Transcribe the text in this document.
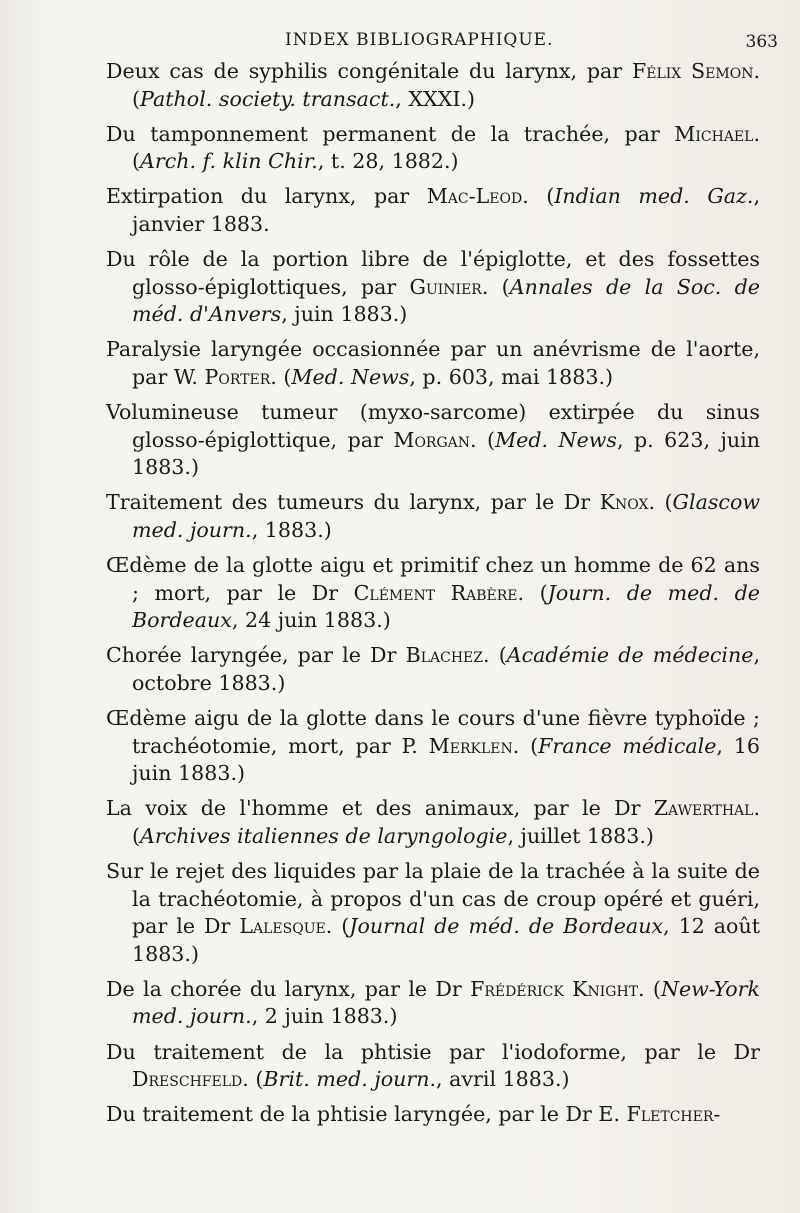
INDEX BIBLIOGRAPHIQUE.	363

Deux cas de syphilis congénitale du larynx, par Félix Semon. (Pathol. society. transact., XXXI.)

Du tamponnement permanent de la trachée, par Michael. (Arch. f. klin Chir., t. 28, 1882.)

Extirpation du larynx, par Mac-Leod. (Indian med. Gaz., janvier 1883.

Du rôle de la portion libre de l'épiglotte, et des fossettes glosso-épiglottiques, par Guinier. (Annales de la Soc. de méd. d'Anvers, juin 1883.)

Paralysie laryngée occasionnée par un anévrisme de l'aorte, par W. Porter. (Med. News, p. 603, mai 1883.)

Volumineuse tumeur (myxo-sarcome) extirpée du sinus glosso-épiglottique, par Morgan. (Med. News, p. 623, juin 1883.)

Traitement des tumeurs du larynx, par le Dr Knox. (Glascow med. journ., 1883.)

Œdème de la glotte aigu et primitif chez un homme de 62 ans ; mort, par le Dr Clément Rabère. (Journ. de med. de Bordeaux, 24 juin 1883.)

Chorée laryngée, par le Dr Blachez. (Académie de médecine, octobre 1883.)

Œdème aigu de la glotte dans le cours d'une fièvre typhoïde ; trachéotomie, mort, par P. Merklen. (France médicale, 16 juin 1883.)

La voix de l'homme et des animaux, par le Dr Zawerthal. (Archives italiennes de laryngologie, juillet 1883.)

Sur le rejet des liquides par la plaie de la trachée à la suite de la trachéotomie, à propos d'un cas de croup opéré et guéri, par le Dr Lalesque. (Journal de méd. de Bordeaux, 12 août 1883.)

De la chorée du larynx, par le Dr Frédérick Knight. (New-York med. journ., 2 juin 1883.)

Du traitement de la phtisie par l'iodoforme, par le Dr Dreschfeld. (Brit. med. journ., avril 1883.)

Du traitement de la phtisie laryngée, par le Dr E. Fletcher-
